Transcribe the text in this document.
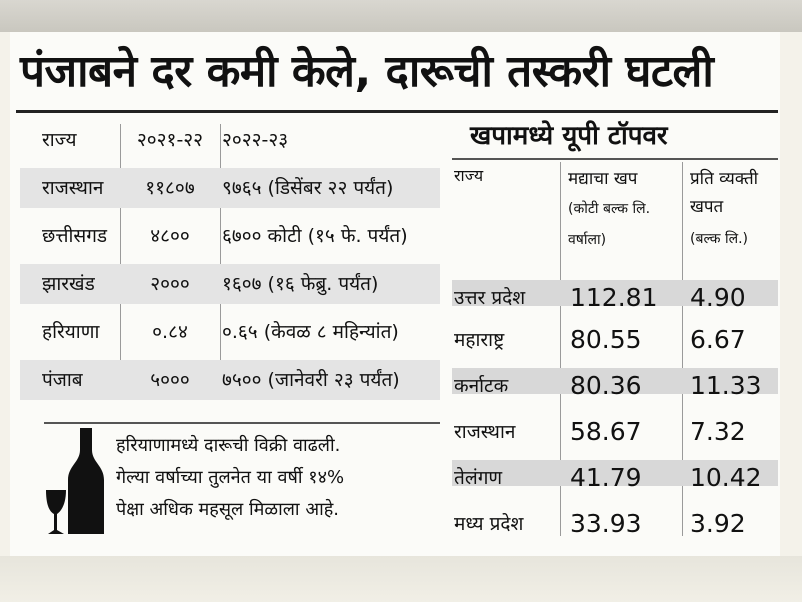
पंजाबने दर कमी केले, दारूची तस्करी घटली
राज्य	२०२१-२२ २०२२-२३
राजस्थान	११८०७	९७६५ (डिसेंबर २२ पर्यंत)
छत्तीसगड	४८००	६७०० कोटी (१५ फे. पर्यंत)
झारखंड	२०००	१६०७ (१६ फेब्रु. पर्यंत)
हरियाणा	०.८४	०.६५ (केवळ ८ महिन्यांत)
पंजाब	५०००	७५०० (जानेवरी २३ पर्यंत)
हरियाणामध्ये दारूची विक्री वाढली.
गेल्या वर्षाच्या तुलनेत या वर्षी १४%
पेक्षा अधिक महसूल मिळाला आहे.
खपामध्ये यूपी टॉपवर
राज्य	मद्याचा खप
(कोटी बल्क लि.
वर्षाला)
प्रति व्यक्ती
खपत
(बल्क लि.)
उत्तर प्रदेश 112.81 4.90
महाराष्ट्र	80.55 6.67
कर्नाटक 80.36 11.33
राजस्थान 58.67 7.32
तेलंगण	41.79 10.42
मध्य प्रदेश 33.93 3.92
